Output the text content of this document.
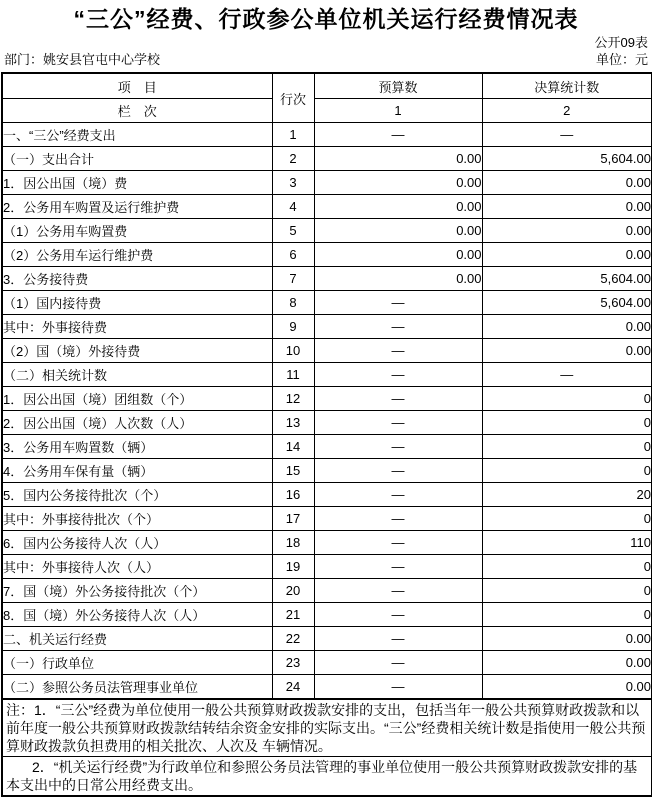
“三公”经费、行政参公单位机关运行经费情况表
公开09表
部门：姚安县官屯中心学校	单位：元
项　目	行次	预算数	决算统计数
栏　次		1	2
一、“三公”经费支出	1	—	—
（一）支出合计	2	0.00	5,604.00
1．因公出国（境）费	3	0.00	0.00
2．公务用车购置及运行维护费	4	0.00	0.00
（1）公务用车购置费	5	0.00	0.00
（2）公务用车运行维护费	6	0.00	0.00
3．公务接待费	7	0.00	5,604.00
（1）国内接待费	8	—	5,604.00
其中：外事接待费	9	—	0.00
（2）国（境）外接待费	10	—	0.00
（二）相关统计数	11	—	—
1．因公出国（境）团组数（个）	12	—	0
2．因公出国（境）人次数（人）	13	—	0
3．公务用车购置数（辆）	14	—	0
4．公务用车保有量（辆）	15	—	0
5．国内公务接待批次（个）	16	—	20
其中：外事接待批次（个）	17	—	0
6．国内公务接待人次（人）	18	—	110
其中：外事接待人次（人）	19	—	0
7．国（境）外公务接待批次（个）	20	—	0
8．国（境）外公务接待人次（人）	21	—	0
二、机关运行经费	22	—	0.00
（一）行政单位	23	—	0.00
（二）参照公务员法管理事业单位	24	—	0.00
注：1．“三公”经费为单位使用一般公共预算财政拨款安排的支出，包括当年一般公共预算财政拨款和以前年度一般公共预算财政拨款结转结余资金安排的实际支出。“三公”经费相关统计数是指使用一般公共预算财政拨款负担费用的相关批次、人次及 车辆情况。
2．“机关运行经费”为行政单位和参照公务员法管理的事业单位使用一般公共预算财政拨款安排的基本支出中的日常公用经费支出。
